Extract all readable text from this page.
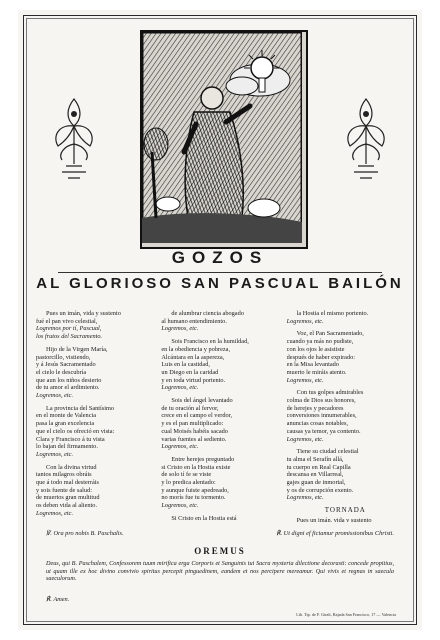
GOZOS
AL GLORIOSO SAN PASCUAL BAILÓN
Pues un imán, vida y sustento
fué el pan vivo celestial,
Logremos por tí, Pascual,
los frutos del Sacramento.
Hijo de la Virgen María,
pastorcillo, vistiendo,
y á Jesús Sacramentado
el cielo le descubría
que aun los niños desierto
de tu amor el ardimiento.
Logremos, etc.
La provincia del Santísimo
en el monte de Valencia
pasa la gran excelencia
que el cielo os ofreció en vista:
Clara y Francisco á tu vista
lo bajan del firmamento.
Logremos, etc.
Con la divina virtud
tantos milagros obráis
que á todo mal desterráis
y sois fuente de salud:
de muertos gran multitud
os deben vida al aliento.
Logremos, etc.
de alumbrar ciencia abogado
al humano entendimiento.
Logremos, etc.
Sois Francisco en la humildad,
en la obediencia y pobreza,
Alcántara en la aspereza,
Luis en la castidad,
un Diego en la caridad
y en toda virtud portento.
Logremos, etc.
Sois del ángel levantado
de tu oración al fervor,
crece en el campo el verdor,
y es el pan multiplicado:
cual Moisés habéis sacado
varias fuentes al sediento.
Logremos, etc.
Entre herejes preguntado
si Cristo en la Hostia existe
de solo tí fe se viste
y lo predica alentado:
y aunque fuiste apedreado,
no morís fue tu tormento.
Logremos, etc.
Si Cristo en la Hostia está
la Hostia el mismo portento.
Logremos, etc.
Voz, el Pan Sacramentado,
cuando ya más no pudiste,
con los ojos le asististe
después de haber expirado:
en la Misa levantado
muerto le miráis atento.
Logremos, etc.
Con tus golpes admirables
colma de Dios sus honores,
de herejes y pecadores
conversiones innumerables,
anuncias cosas notables,
causas ya temor, ya contento.
Logremos, etc.
Tiene su ciudad celestial
tu alma el Serafín allá,
tu cuerpo en Real Capilla
descansa en Villarreal,
gajes guan de inmortal,
y os de corrupción exento.
Logremos, etc.
TORNADA
Pues un imán, vida y sustento
℣. Ora pro nobis B. Paschalis.	℟. Ut digni ef ficiamur promissionibus Christi.
OREMUS
Deus, qui B. Paschalem, Confessorem tuum mirifica erga Corporis et Sanguinis tui Sacra mysteria dilectione decorasti: concede propitius, ut quam ille ex hoc divino convivio spiritus percepit pinguedinem, eandem et nos percipere mereamur. Qui vivis et regnas in saecula saeculorum.
℟. Amen.
Lib. Tip. de F. Giralt, Bajada San Francisco, 17 — Valencia
